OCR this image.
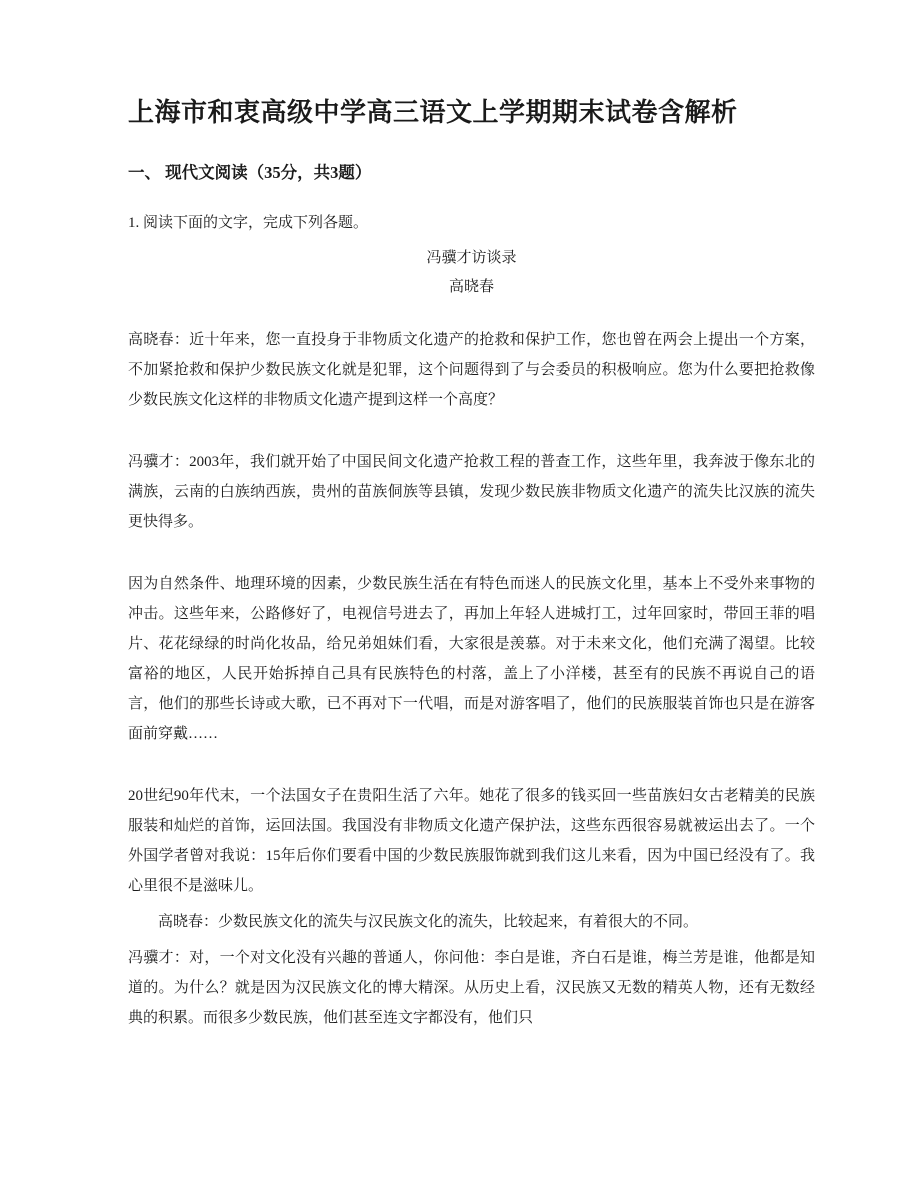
上海市和衷高级中学高三语文上学期期末试卷含解析
一、 现代文阅读（35分，共3题）

1. 阅读下面的文字，完成下列各题。

冯骥才访谈录

高晓春

高晓春：近十年来，您一直投身于非物质文化遗产的抢救和保护工作，您也曾在两会上提出一个方案，不加紧抢救和保护少数民族文化就是犯罪，这个问题得到了与会委员的积极响应。您为什么要把抢救像少数民族文化这样的非物质文化遗产提到这样一个高度？

冯骥才：2003年，我们就开始了中国民间文化遗产抢救工程的普查工作，这些年里，我奔波于像东北的满族，云南的白族纳西族，贵州的苗族侗族等县镇，发现少数民族非物质文化遗产的流失比汉族的流失更快得多。

因为自然条件、地理环境的因素，少数民族生活在有特色而迷人的民族文化里，基本上不受外来事物的冲击。这些年来，公路修好了，电视信号进去了，再加上年轻人进城打工，过年回家时，带回王菲的唱片、花花绿绿的时尚化妆品，给兄弟姐妹们看，大家很是羡慕。对于未来文化，他们充满了渴望。比较富裕的地区，人民开始拆掉自己具有民族特色的村落，盖上了小洋楼，甚至有的民族不再说自己的语言，他们的那些长诗或大歌，已不再对下一代唱，而是对游客唱了，他们的民族服装首饰也只是在游客面前穿戴……

20世纪90年代末，一个法国女子在贵阳生活了六年。她花了很多的钱买回一些苗族妇女古老精美的民族服装和灿烂的首饰，运回法国。我国没有非物质文化遗产保护法，这些东西很容易就被运出去了。一个外国学者曾对我说：15年后你们要看中国的少数民族服饰就到我们这儿来看，因为中国已经没有了。我心里很不是滋味儿。

高晓春：少数民族文化的流失与汉民族文化的流失，比较起来，有着很大的不同。

冯骥才：对，一个对文化没有兴趣的普通人，你问他：李白是谁，齐白石是谁，梅兰芳是谁，他都是知道的。为什么？就是因为汉民族文化的博大精深。从历史上看，汉民族又无数的精英人物，还有无数经典的积累。而很多少数民族，他们甚至连文字都没有，他们只
